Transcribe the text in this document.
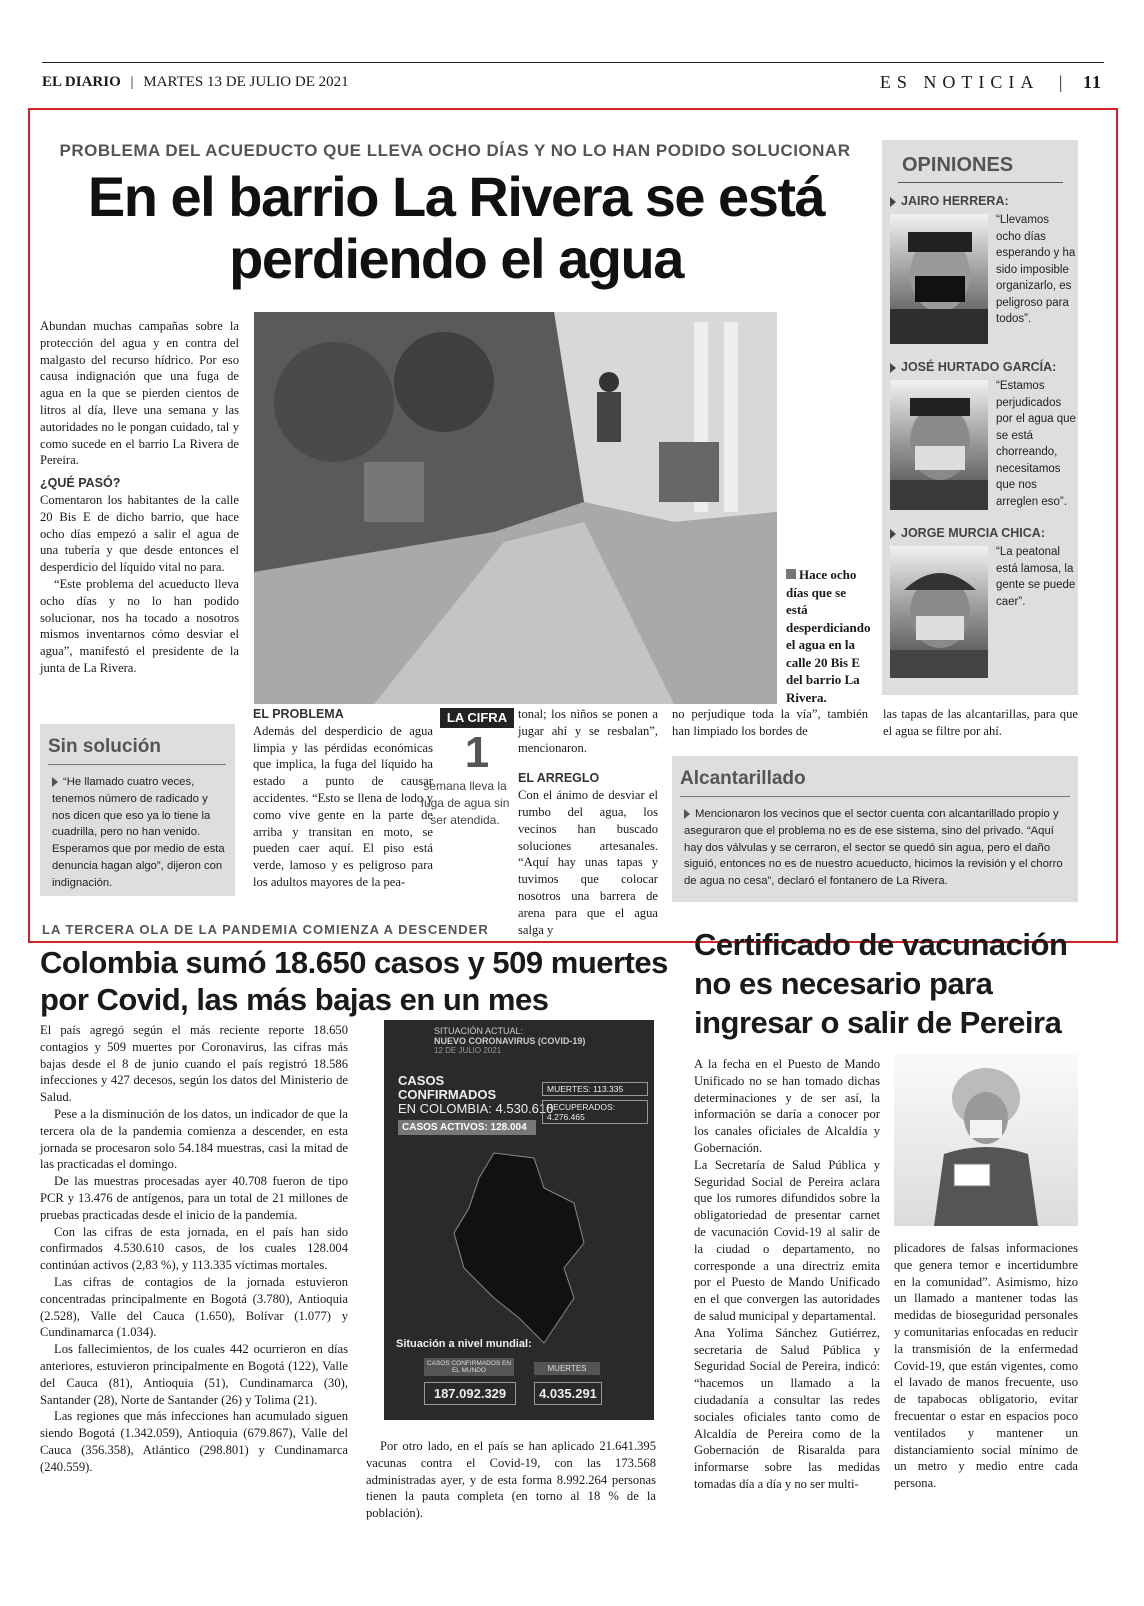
EL DIARIO | MARTES 13 DE JULIO DE 2021	ES NOTICIA | 11
PROBLEMA DEL ACUEDUCTO QUE LLEVA OCHO DÍAS Y NO LO HAN PODIDO SOLUCIONAR
En el barrio La Rivera se está
perdiendo el agua

Abundan muchas campañas sobre la protección del agua y en contra del malgasto del recurso hídrico. Por eso causa indignación que una fuga de agua en la que se pierden cientos de litros al día, lleve una semana y las autoridades no le pongan cuidado, tal y como sucede en el barrio La Rivera de Pereira.

¿QUÉ PASÓ?

Comentaron los habitantes de la calle 20 Bis E de dicho barrio, que hace ocho días empezó a salir el agua de una tubería y que desde entonces el desperdicio del líquido vital no para.

“Este problema del acueducto lleva ocho días y no lo han podido solucionar, nos ha tocado a nosotros mismos inventarnos cómo desviar el agua”, manifestó el presidente de la junta de La Rivera.

Hace ocho días que se está desperdiciando el agua en la calle 20 Bis E del barrio La Rivera.
OPINIONES
JAIRO HERRERA:
“Llevamos ocho días esperando y ha sido imposible organizarlo, es peligroso para todos”.
JOSÉ HURTADO GARCÍA:
“Estamos perjudicados por el agua que se está chorreando, necesitamos que nos arreglen eso”.
JORGE MURCIA CHICA:
“La peatonal está lamosa, la gente se puede caer”.
Sin solución
“He llamado cuatro veces, tenemos número de radicado y nos dicen que eso ya lo tiene la cuadrilla, pero no han venido. Esperamos que por medio de esta denuncia hagan algo”, dijeron con indignación.
EL PROBLEMA

Además del desperdicio de agua limpia y las pérdidas económicas que implica, la fuga del líquido ha estado a punto de causar accidentes. “Esto se llena de lodo y como vive gente en la parte de arriba y transitan en moto, se pueden caer aquí. El piso está verde, lamoso y es peligroso para los adultos mayores de la pea-

LA CIFRA
1
semana lleva la fuga de agua sin ser atendida.

tonal; los niños se ponen a jugar ahí y se resbalan”, mencionaron.

EL ARREGLO

Con el ánimo de desviar el rumbo del agua, los vecinos han buscado soluciones artesanales. “Aquí hay unas tapas y tuvimos que colocar nosotros una barrera de arena para que el agua salga y

no perjudique toda la vía”, también han limpiado los bordes de

las tapas de las alcantarillas, para que el agua se filtre por ahí.

Alcantarillado
Mencionaron los vecinos que el sector cuenta con alcantarillado propio y aseguraron que el problema no es de ese sistema, sino del privado. “Aquí hay dos válvulas y se cerraron, el sector se quedó sin agua, pero el daño siguió, entonces no es de nuestro acueducto, hicimos la revisión y el chorro de agua no cesa”, declaró el fontanero de La Rivera.
LA TERCERA OLA DE LA PANDEMIA COMIENZA A DESCENDER
Colombia sumó 18.650 casos y 509 muertes
por Covid, las más bajas en un mes

El país agregó según el más reciente reporte 18.650 contagios y 509 muertes por Coronavirus, las cifras más bajas desde el 8 de junio cuando el país registró 18.586 infecciones y 427 decesos, según los datos del Ministerio de Salud.

Pese a la disminución de los datos, un indicador de que la tercera ola de la pandemia comienza a descender, en esta jornada se procesaron solo 54.184 muestras, casi la mitad de las practicadas el domingo.

De las muestras procesadas ayer 40.708 fueron de tipo PCR y 13.476 de antígenos, para un total de 21 millones de pruebas practicadas desde el inicio de la pandemia.

Con las cifras de esta jornada, en el país han sido confirmados 4.530.610 casos, de los cuales 128.004 continúan activos (2,83 %), y 113.335 víctimas mortales.

Las cifras de contagios de la jornada estuvieron concentradas principalmente en Bogotá (3.780), Antioquia (2.528), Valle del Cauca (1.650), Bolívar (1.077) y Cundinamarca (1.034).

Los fallecimientos, de los cuales 442 ocurrieron en días anteriores, estuvieron principalmente en Bogotá (122), Valle del Cauca (81), Antioquia (51), Cundinamarca (30), Santander (28), Norte de Santander (26) y Tolima (21).

Las regiones que más infecciones han acumulado siguen siendo Bogotá (1.342.059), Antioquia (679.867), Valle del Cauca (356.358), Atlántico (298.801) y Cundinamarca (240.559).

SITUACIÓN ACTUAL:
NUEVO CORONAVIRUS (COVID-19)
12 DE JULIO 2021
CASOS
CONFIRMADOS
EN COLOMBIA: 4.530.610
CASOS ACTIVOS: 128.004
MUERTES: 113.335
RECUPERADOS: 4.276.465
Situación a nivel mundial:
CASOS CONFIRMADOS EN EL MUNDO
187.092.329
MUERTES
4.035.291

Por otro lado, en el país se han aplicado 21.641.395 vacunas contra el Covid-19, con las 173.568 administradas ayer, y de esta forma 8.992.264 personas tienen la pauta completa (en torno al 18 % de la población).

Certificado de vacunación
no es necesario para
ingresar o salir de Pereira

A la fecha en el Puesto de Mando Unificado no se han tomado dichas determinaciones y de ser así, la información se daría a conocer por los canales oficiales de Alcaldía y Gobernación.

La Secretaría de Salud Pública y Seguridad Social de Pereira aclara que los rumores difundidos sobre la obligatoriedad de presentar carnet de vacunación Covid-19 al salir de la ciudad o departamento, no corresponde a una directriz emita por el Puesto de Mando Unificado en el que convergen las autoridades de salud municipal y departamental.

Ana Yolima Sánchez Gutiérrez, secretaria de Salud Pública y Seguridad Social de Pereira, indicó: “hacemos un llamado a la ciudadanía a consultar las redes sociales oficiales tanto como de Alcaldía de Pereira como de la Gobernación de Risaralda para informarse sobre las medidas tomadas día a día y no ser multi-

plicadores de falsas informaciones que genera temor e incertidumbre en la comunidad”. Asimismo, hizo un llamado a mantener todas las medidas de bioseguridad personales y comunitarias enfocadas en reducir la transmisión de la enfermedad Covid-19, que están vigentes, como el lavado de manos frecuente, uso de tapabocas obligatorio, evitar frecuentar o estar en espacios poco ventilados y mantener un distanciamiento social mínimo de un metro y medio entre cada persona.
